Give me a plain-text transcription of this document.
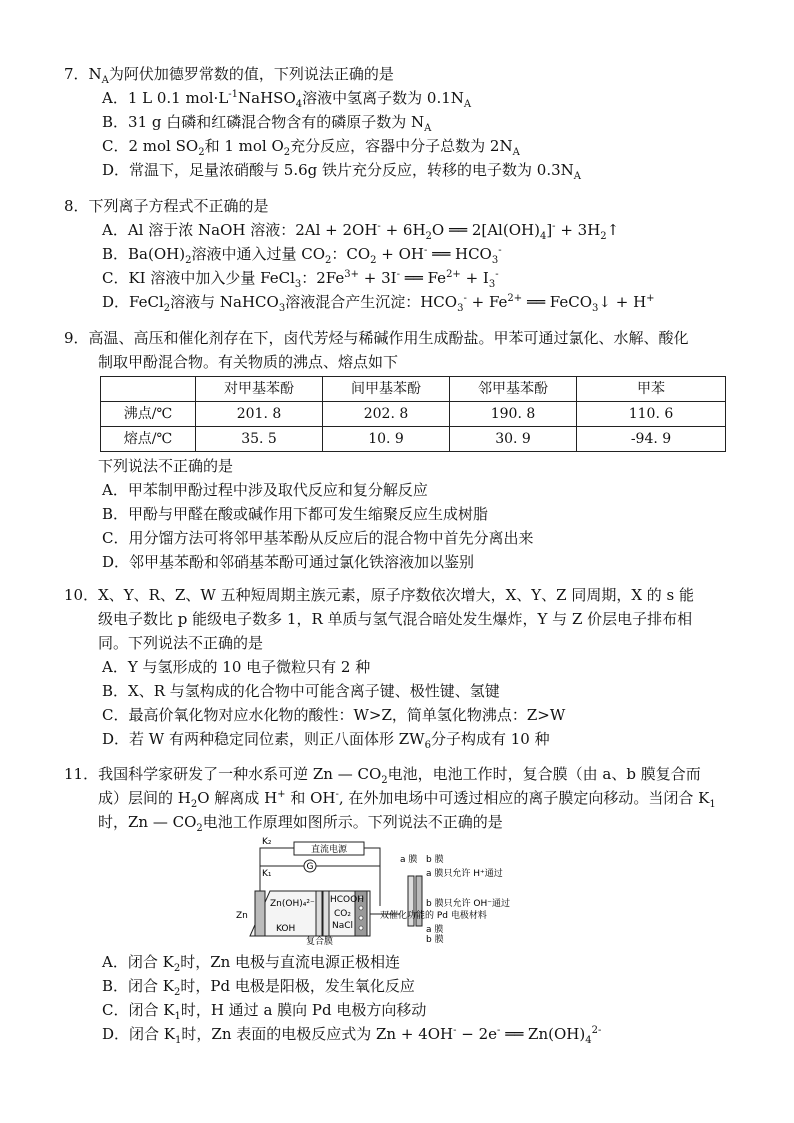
7．$N_A$为阿伏加德罗常数的值，下列说法正确的是
A．1 L 0.1 $mol\cdot L^{-1}NaHSO_4$溶液中氢离子数为 $0.1N_A$
B．31 g 白磷和红磷混合物含有的磷原子数为 $N_A$
C．2 mol $SO_2$和 1 mol $O_2$充分反应，容器中分子总数为 $2N_A$
D．常温下，足量浓硝酸与 5.6g 铁片充分反应，转移的电子数为 $0.3N_A$
8．下列离子方程式不正确的是
A．Al 溶于浓 NaOH 溶液：$2Al + 2OH^- + 6H_2O$ ══ $2[Al(OH)_4]^-$ + $3H_2↑$
B．$Ba(OH)_2$溶液中通入过量 $CO_2$：$CO_2 + OH^-$ ══ $HCO_3^-$
C．KI 溶液中加入少量 FeCl$_3$：$2Fe^{3+} + 3I^-$ ══ $Fe^{2+} + I_3^-$
D．FeCl$_2$溶液与 NaHCO$_3$溶液混合产生沉淀：$HCO_3^- + Fe^{2+}$ ══ FeCO$_3$↓ + H+
9．高温、高压和催化剂存在下，卤代芳烃与稀碱作用生成酚盐。甲苯可通过氯化、水解、酸化
制取甲酚混合物。有关物质的沸点、熔点如下
	对甲基苯酚	间甲基苯酚	邻甲基苯酚	甲苯
沸点/℃	201. 8	202. 8	190. 8	110. 6
熔点/℃	35. 5	10. 9	30. 9	-94. 9
下列说法不正确的是
A．甲苯制甲酚过程中涉及取代反应和复分解反应
B．甲酚与甲醛在酸或碱作用下都可发生缩聚反应生成树脂
C．用分馏方法可将邻甲基苯酚从反应后的混合物中首先分离出来
D．邻甲基苯酚和邻硝基苯酚可通过氯化铁溶液加以鉴别
10．X、Y、R、Z、W 五种短周期主族元素，原子序数依次增大，X、Y、Z 同周期，X 的 s 能
级电子数比 p 能级电子数多 1，R 单质与氢气混合暗处发生爆炸，Y 与 Z 价层电子排布相
同。下列说法不正确的是
A．Y 与氢形成的 10 电子微粒只有 2 种
B．X、R 与氢构成的化合物中可能含离子键、极性键、氢键
C．最高价氧化物对应水化物的酸性：W>Z，简单氢化物沸点：Z>W
D．若 W 有两种稳定同位素，则正八面体形 $ZW_6$分子构成有 10 种
11．我国科学家研发了一种水系可逆 Zn — $CO_2$电池，电池工作时，复合膜（由 a、b 膜复合而
成）层间的 $H_2O$ 解离成 H+ 和 OH-, 在外加电场中可透过相应的离子膜定向移动。当闭合 $K_1$
时，Zn — $CO_2$电池工作原理如图所示。下列说法不正确的是
直流电源
K₂
K₁
G
Zn
Zn(OH)₄²⁻
KOH
HCOOH
CO₂
NaCl
复合膜
a 膜 b 膜
a 膜只允许 H⁺通过
b 膜只允许 OH⁻通过
双催化功能的 Pd 电极材料
a 膜
b 膜
A．闭合 $K_2$时，Zn 电极与直流电源正极相连
B．闭合 $K_2$时，Pd 电极是阳极，发生氧化反应
C．闭合 $K_1$时，H 通过 a 膜向 Pd 电极方向移动
D．闭合 $K_1$时，Zn 表面的电极反应式为 Zn + 4OH- − 2e- ══ $Zn(OH)_4^{2-}$
